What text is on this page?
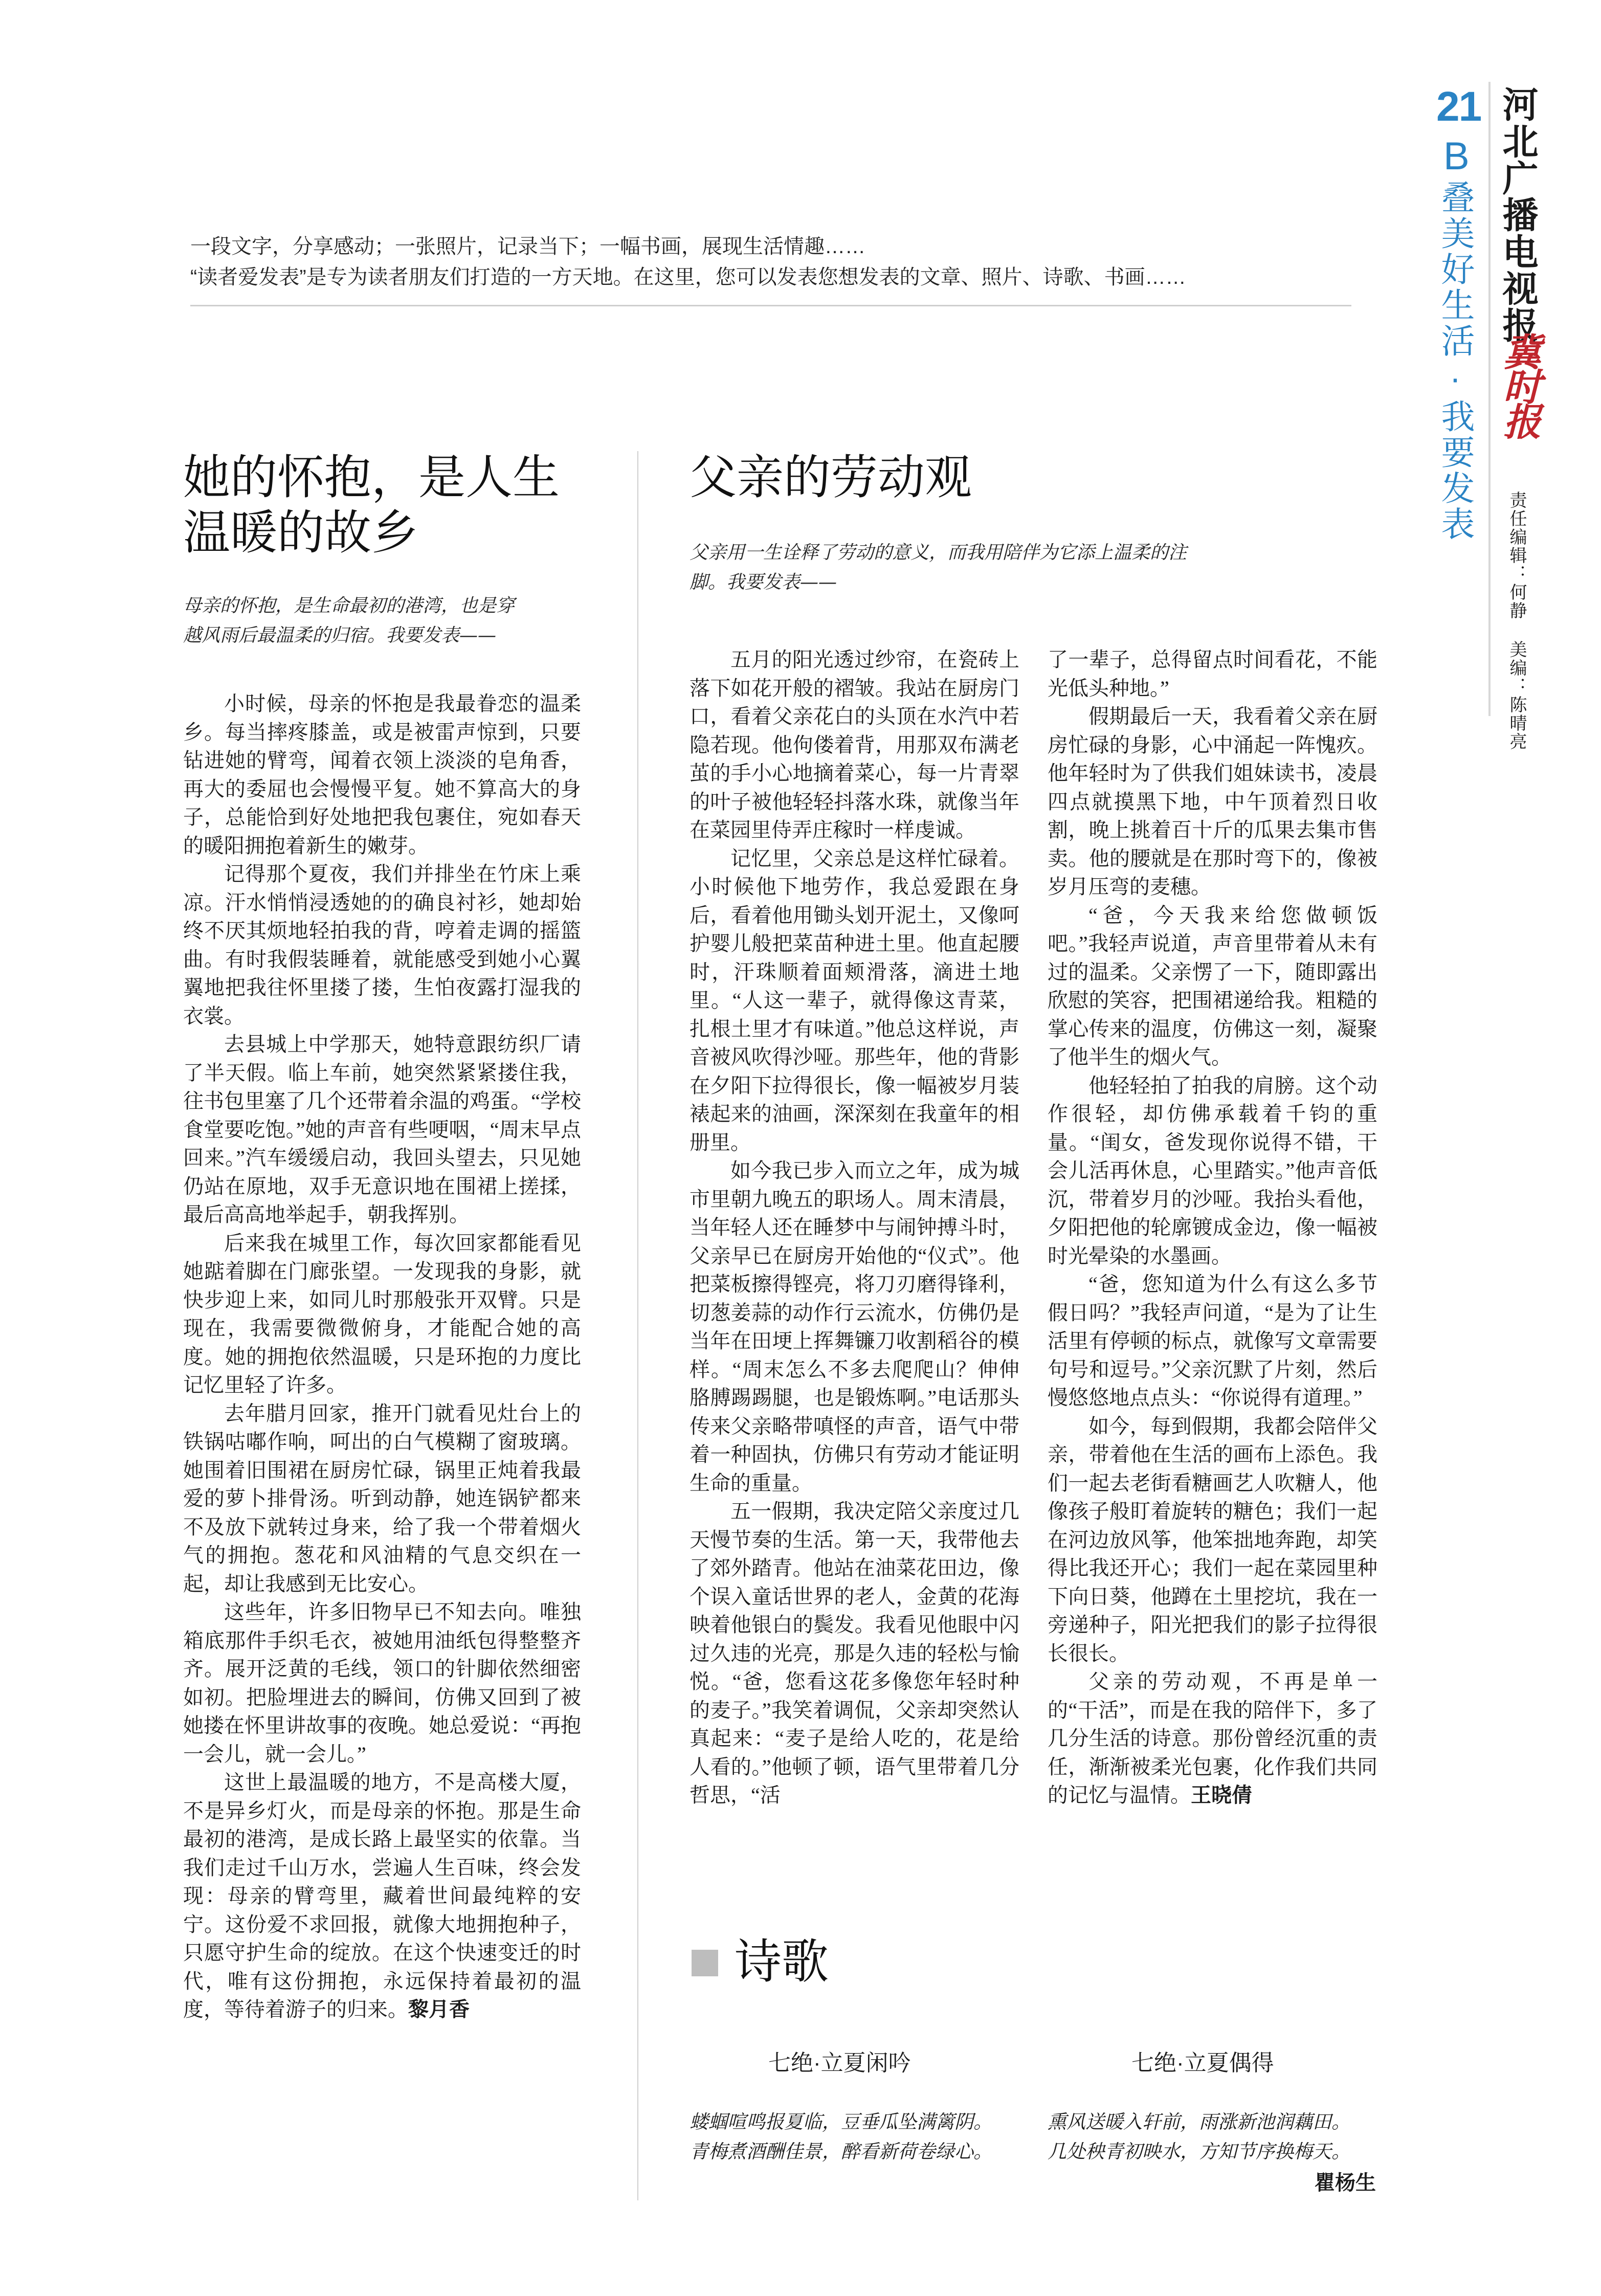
21
B
叠美好生活·我要发表 河北广播电视报
冀时报
责任编辑：何静 美编：陈晴亮
一段文字，分享感动；一张照片，记录当下；一幅书画，展现生活情趣……
“读者爱发表”是专为读者朋友们打造的一方天地。在这里，您可以发表您想发表的文章、照片、诗歌、书画……
她的怀抱，是人生
温暖的故乡
母亲的怀抱，是生命最初的港湾，也是穿
越风雨后最温柔的归宿。我要发表——

小时候，母亲的怀抱是我最眷恋的温柔乡。每当摔疼膝盖，或是被雷声惊到，只要钻进她的臂弯，闻着衣领上淡淡的皂角香，再大的委屈也会慢慢平复。她不算高大的身子，总能恰到好处地把我包裹住，宛如春天的暖阳拥抱着新生的嫩芽。

记得那个夏夜，我们并排坐在竹床上乘凉。汗水悄悄浸透她的的确良衬衫，她却始终不厌其烦地轻拍我的背，哼着走调的摇篮曲。有时我假装睡着，就能感受到她小心翼翼地把我往怀里搂了搂，生怕夜露打湿我的衣裳。

去县城上中学那天，她特意跟纺织厂请了半天假。临上车前，她突然紧紧搂住我，往书包里塞了几个还带着余温的鸡蛋。“学校食堂要吃饱。”她的声音有些哽咽，“周末早点回来。”汽车缓缓启动，我回头望去，只见她仍站在原地，双手无意识地在围裙上搓揉，最后高高地举起手，朝我挥别。

后来我在城里工作，每次回家都能看见她踮着脚在门廊张望。一发现我的身影，就快步迎上来，如同儿时那般张开双臂。只是现在，我需要微微俯身，才能配合她的高度。她的拥抱依然温暖，只是环抱的力度比记忆里轻了许多。

去年腊月回家，推开门就看见灶台上的铁锅咕嘟作响，呵出的白气模糊了窗玻璃。她围着旧围裙在厨房忙碌，锅里正炖着我最爱的萝卜排骨汤。听到动静，她连锅铲都来不及放下就转过身来，给了我一个带着烟火气的拥抱。葱花和风油精的气息交织在一起，却让我感到无比安心。

这些年，许多旧物早已不知去向。唯独箱底那件手织毛衣，被她用油纸包得整整齐齐。展开泛黄的毛线，领口的针脚依然细密如初。把脸埋进去的瞬间，仿佛又回到了被她搂在怀里讲故事的夜晚。她总爱说：“再抱一会儿，就一会儿。”

这世上最温暖的地方，不是高楼大厦，不是异乡灯火，而是母亲的怀抱。那是生命最初的港湾，是成长路上最坚实的依靠。当我们走过千山万水，尝遍人生百味，终会发现：母亲的臂弯里，藏着世间最纯粹的安宁。这份爱不求回报，就像大地拥抱种子，只愿守护生命的绽放。在这个快速变迁的时代，唯有这份拥抱，永远保持着最初的温度，等待着游子的归来。黎月香

父亲的劳动观
父亲用一生诠释了劳动的意义，而我用陪伴为它添上温柔的注
脚。我要发表——

五月的阳光透过纱帘，在瓷砖上落下如花开般的褶皱。我站在厨房门口，看着父亲花白的头顶在水汽中若隐若现。他佝偻着背，用那双布满老茧的手小心地摘着菜心，每一片青翠的叶子被他轻轻抖落水珠，就像当年在菜园里侍弄庄稼时一样虔诚。

记忆里，父亲总是这样忙碌着。小时候他下地劳作，我总爱跟在身后，看着他用锄头划开泥土，又像呵护婴儿般把菜苗种进土里。他直起腰时，汗珠顺着面颊滑落，滴进土地里。“人这一辈子，就得像这青菜，扎根土里才有味道。”他总这样说，声音被风吹得沙哑。那些年，他的背影在夕阳下拉得很长，像一幅被岁月装裱起来的油画，深深刻在我童年的相册里。

如今我已步入而立之年，成为城市里朝九晚五的职场人。周末清晨，当年轻人还在睡梦中与闹钟搏斗时，父亲早已在厨房开始他的“仪式”。他把菜板擦得铿亮，将刀刃磨得锋利，切葱姜蒜的动作行云流水，仿佛仍是当年在田埂上挥舞镰刀收割稻谷的模样。“周末怎么不多去爬爬山？伸伸胳膊踢踢腿，也是锻炼啊。”电话那头传来父亲略带嗔怪的声音，语气中带着一种固执，仿佛只有劳动才能证明生命的重量。

五一假期，我决定陪父亲度过几天慢节奏的生活。第一天，我带他去了郊外踏青。他站在油菜花田边，像个误入童话世界的老人，金黄的花海映着他银白的鬓发。我看见他眼中闪过久违的光亮，那是久违的轻松与愉悦。“爸，您看这花多像您年轻时种的麦子。”我笑着调侃，父亲却突然认真起来：“麦子是给人吃的，花是给人看的。”他顿了顿，语气里带着几分哲思，“活

了一辈子，总得留点时间看花，不能光低头种地。”

假期最后一天，我看着父亲在厨房忙碌的身影，心中涌起一阵愧疚。他年轻时为了供我们姐妹读书，凌晨四点就摸黑下地，中午顶着烈日收割，晚上挑着百十斤的瓜果去集市售卖。他的腰就是在那时弯下的，像被岁月压弯的麦穗。

“爸，今天我来给您做顿饭吧。”我轻声说道，声音里带着从未有过的温柔。父亲愣了一下，随即露出欣慰的笑容，把围裙递给我。粗糙的掌心传来的温度，仿佛这一刻，凝聚了他半生的烟火气。

他轻轻拍了拍我的肩膀。这个动作很轻，却仿佛承载着千钧的重量。“闺女，爸发现你说得不错，干会儿活再休息，心里踏实。”他声音低沉，带着岁月的沙哑。我抬头看他，夕阳把他的轮廓镀成金边，像一幅被时光晕染的水墨画。

“爸，您知道为什么有这么多节假日吗？”我轻声问道，“是为了让生活里有停顿的标点，就像写文章需要句号和逗号。”父亲沉默了片刻，然后慢悠悠地点点头：“你说得有道理。”

如今，每到假期，我都会陪伴父亲，带着他在生活的画布上添色。我们一起去老街看糖画艺人吹糖人，他像孩子般盯着旋转的糖色；我们一起在河边放风筝，他笨拙地奔跑，却笑得比我还开心；我们一起在菜园里种下向日葵，他蹲在土里挖坑，我在一旁递种子，阳光把我们的影子拉得很长很长。

父亲的劳动观，不再是单一的“干活”，而是在我的陪伴下，多了几分生活的诗意。那份曾经沉重的责任，渐渐被柔光包裹，化作我们共同的记忆与温情。王晓倩

诗歌
七绝·立夏闲吟
蝼蝈喧鸣报夏临，豆垂瓜坠满篱阴。
青梅煮酒酬佳景，醉看新荷卷绿心。
七绝·立夏偶得
熏风送暖入轩前，雨涨新池润藕田。
几处秧青初映水，方知节序换梅天。
瞿杨生
